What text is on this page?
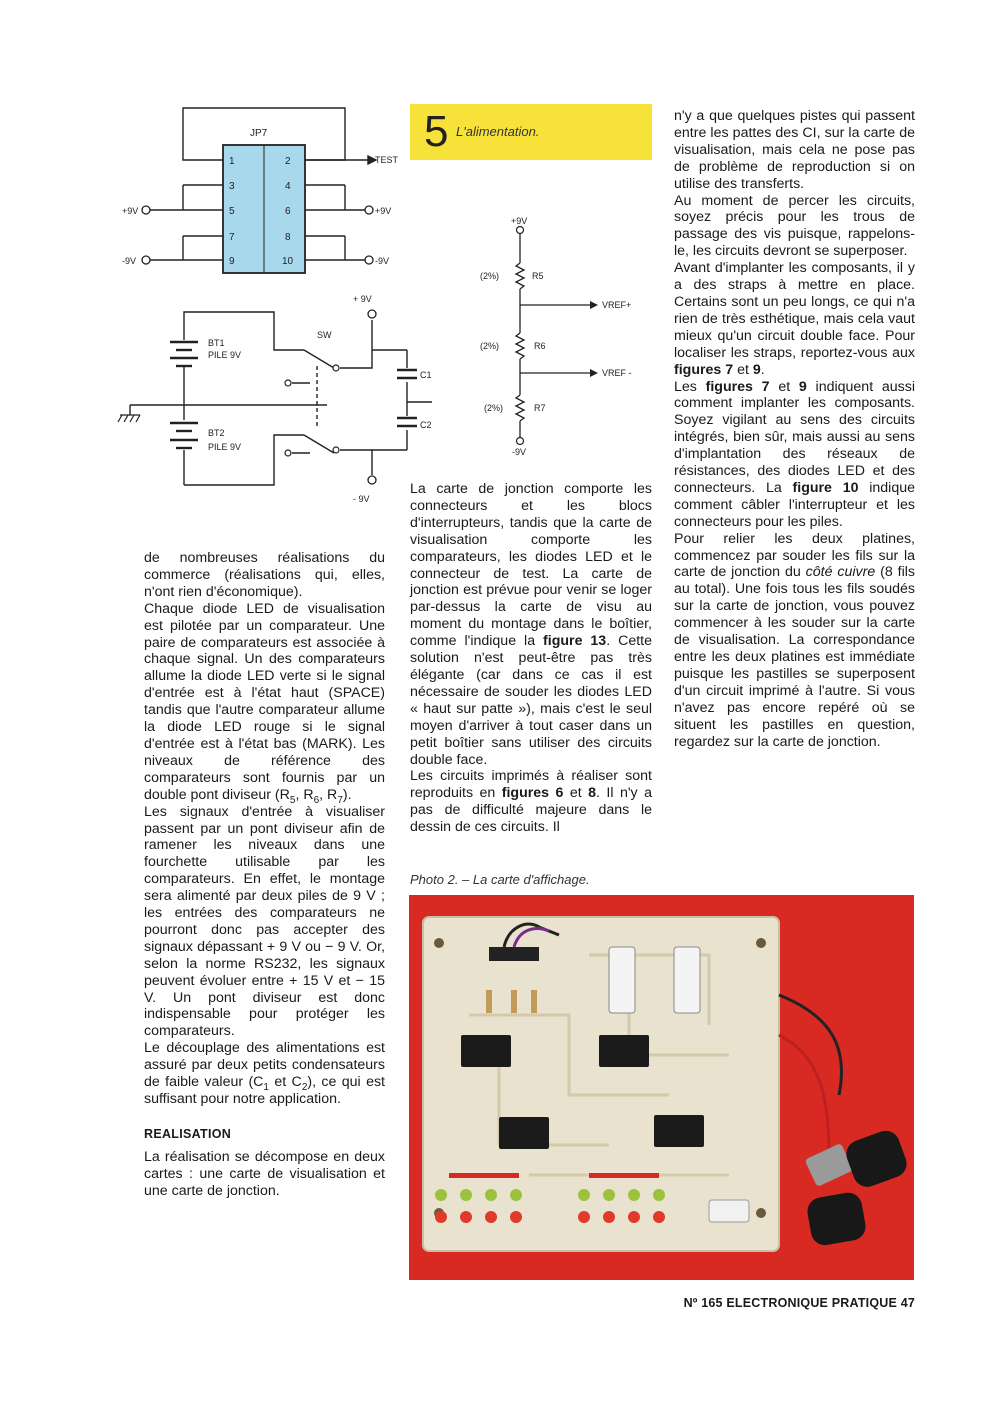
JP7
1	2
3	4
5	6
7	8
9	10
TEST
+9V
-9V
+9V
-9V
+ 9V
- 9V
BT1
PILE 9V
BT2
PILE 9V
SW
C1
C2
5 L'alimentation.
+9V
-9V
(2%)
(2%)
(2%)
R5
R6
R7
VREF+
VREF -

de nombreuses réalisations du commerce (réalisations qui, elles, n'ont rien d'économique).

Chaque diode LED de visualisation est pilotée par un comparateur. Une paire de comparateurs est associée à chaque signal. Un des comparateurs allume la diode LED verte si le signal d'entrée est à l'état haut (SPACE) tandis que l'autre comparateur allume la diode LED rouge si le signal d'entrée est à l'état bas (MARK). Les niveaux de référence des comparateurs sont fournis par un double pont diviseur ($R_5$, $R_6$, $R_7$).

Les signaux d'entrée à visualiser passent par un pont diviseur afin de ramener les niveaux dans une fourchette utilisable par les comparateurs. En effet, le montage sera alimenté par deux piles de 9 V ; les entrées des comparateurs ne pourront donc pas accepter des signaux dépassant + 9 V ou − 9 V. Or, selon la norme RS232, les signaux peuvent évoluer entre + 15 V et − 15 V. Un pont diviseur est donc indispensable pour protéger les comparateurs.

Le découplage des alimentations est assuré par deux petits condensateurs de faible valeur ($C_1$ et $C_2$), ce qui est suffisant pour notre application.

REALISATION

La réalisation se décompose en deux cartes : une carte de visualisation et une carte de jonction.

La carte de jonction comporte les connecteurs et les blocs d'interrupteurs, tandis que la carte de visualisation comporte les comparateurs, les diodes LED et le connecteur de test. La carte de jonction est prévue pour venir se loger par-dessus la carte de visu au moment du montage dans le boîtier, comme l'indique la figure 13. Cette solution n'est peut-être pas très élégante (car dans ce cas il est nécessaire de souder les diodes LED « haut sur patte »), mais c'est le seul moyen d'arriver à tout caser dans un petit boîtier sans utiliser des circuits double face.

Les circuits imprimés à réaliser sont reproduits en figures 6 et 8. Il n'y a pas de difficulté majeure dans le dessin de ces circuits. Il

n'y a que quelques pistes qui passent entre les pattes des CI, sur la carte de visualisation, mais cela ne pose pas de problème de reproduction si on utilise des transferts.

Au moment de percer les circuits, soyez précis pour les trous de passage des vis puisque, rappelons-le, les circuits devront se superposer.

Avant d'implanter les composants, il y a des straps à mettre en place. Certains sont un peu longs, ce qui n'a rien de très esthétique, mais cela vaut mieux qu'un circuit double face. Pour localiser les straps, reportez-vous aux figures 7 et 9.

Les figures 7 et 9 indiquent aussi comment implanter les composants. Soyez vigilant au sens des circuits intégrés, bien sûr, mais aussi au sens d'implantation des réseaux de résistances, des diodes LED et des connecteurs. La figure 10 indique comment câbler l'interrupteur et les connecteurs pour les piles.

Pour relier les deux platines, commencez par souder les fils sur la carte de jonction du côté cuivre (8 fils au total). Une fois tous les fils soudés sur la carte de jonction, vous pouvez commencer à les souder sur la carte de visualisation. La correspondance entre les deux platines est immédiate puisque les pastilles se superposent d'un circuit imprimé à l'autre. Si vous n'avez pas encore repéré où se situent les pastilles en question, regardez sur la carte de jonction.

Photo 2. – La carte d'affichage.
Nº 165 ELECTRONIQUE PRATIQUE 47
